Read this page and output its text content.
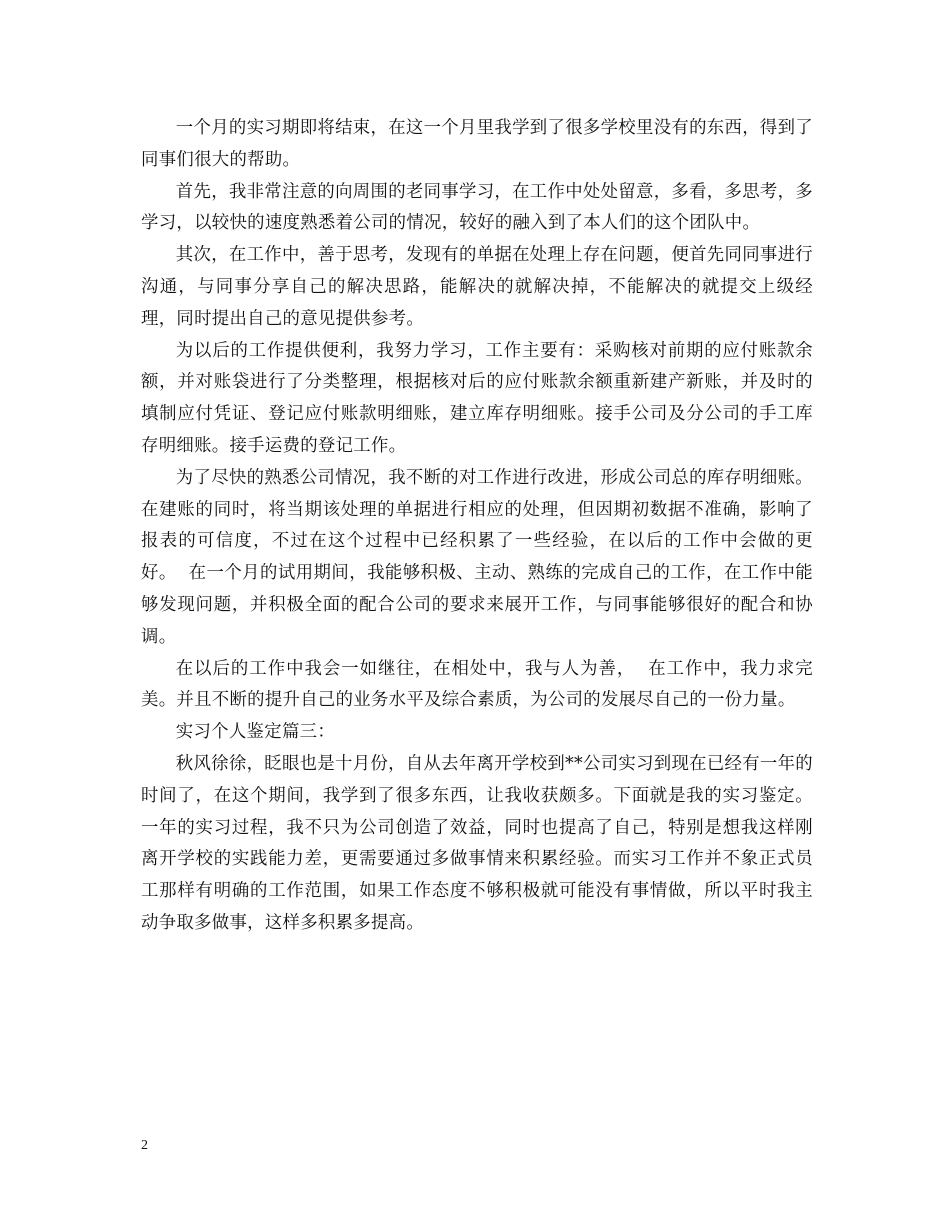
一个月的实习期即将结束，在这一个月里我学到了很多学校里没有的东西，得到了同事们很大的帮助。

首先，我非常注意的向周围的老同事学习，在工作中处处留意，多看，多思考，多学习，以较快的速度熟悉着公司的情况，较好的融入到了本人们的这个团队中。

其次，在工作中，善于思考，发现有的单据在处理上存在问题，便首先同同事进行沟通，与同事分享自己的解决思路，能解决的就解决掉，不能解决的就提交上级经理，同时提出自己的意见提供参考。

为以后的工作提供便利，我努力学习，工作主要有：采购核对前期的应付账款余额，并对账袋进行了分类整理，根据核对后的应付账款余额重新建产新账，并及时的填制应付凭证、登记应付账款明细账，建立库存明细账。接手公司及分公司的手工库存明细账。接手运费的登记工作。

为了尽快的熟悉公司情况，我不断的对工作进行改进，形成公司总的库存明细账。在建账的同时，将当期该处理的单据进行相应的处理，但因期初数据不准确，影响了报表的可信度，不过在这个过程中已经积累了一些经验，在以后的工作中会做的更好。  在一个月的试用期间，我能够积极、主动、熟练的完成自己的工作，在工作中能够发现问题，并积极全面的配合公司的要求来展开工作，与同事能够很好的配合和协调。

在以后的工作中我会一如继往，在相处中，我与人为善，  在工作中，我力求完美。并且不断的提升自己的业务水平及综合素质，为公司的发展尽自己的一份力量。

实习个人鉴定篇三：

秋风徐徐，眨眼也是十月份，自从去年离开学校到**公司实习到现在已经有一年的时间了，在这个期间，我学到了很多东西，让我收获颇多。下面就是我的实习鉴定。  一年的实习过程，我不只为公司创造了效益，同时也提高了自己，特别是想我这样刚离开学校的实践能力差，更需要通过多做事情来积累经验。而实习工作并不象正式员工那样有明确的工作范围，如果工作态度不够积极就可能没有事情做，所以平时我主动争取多做事，这样多积累多提高。

2
